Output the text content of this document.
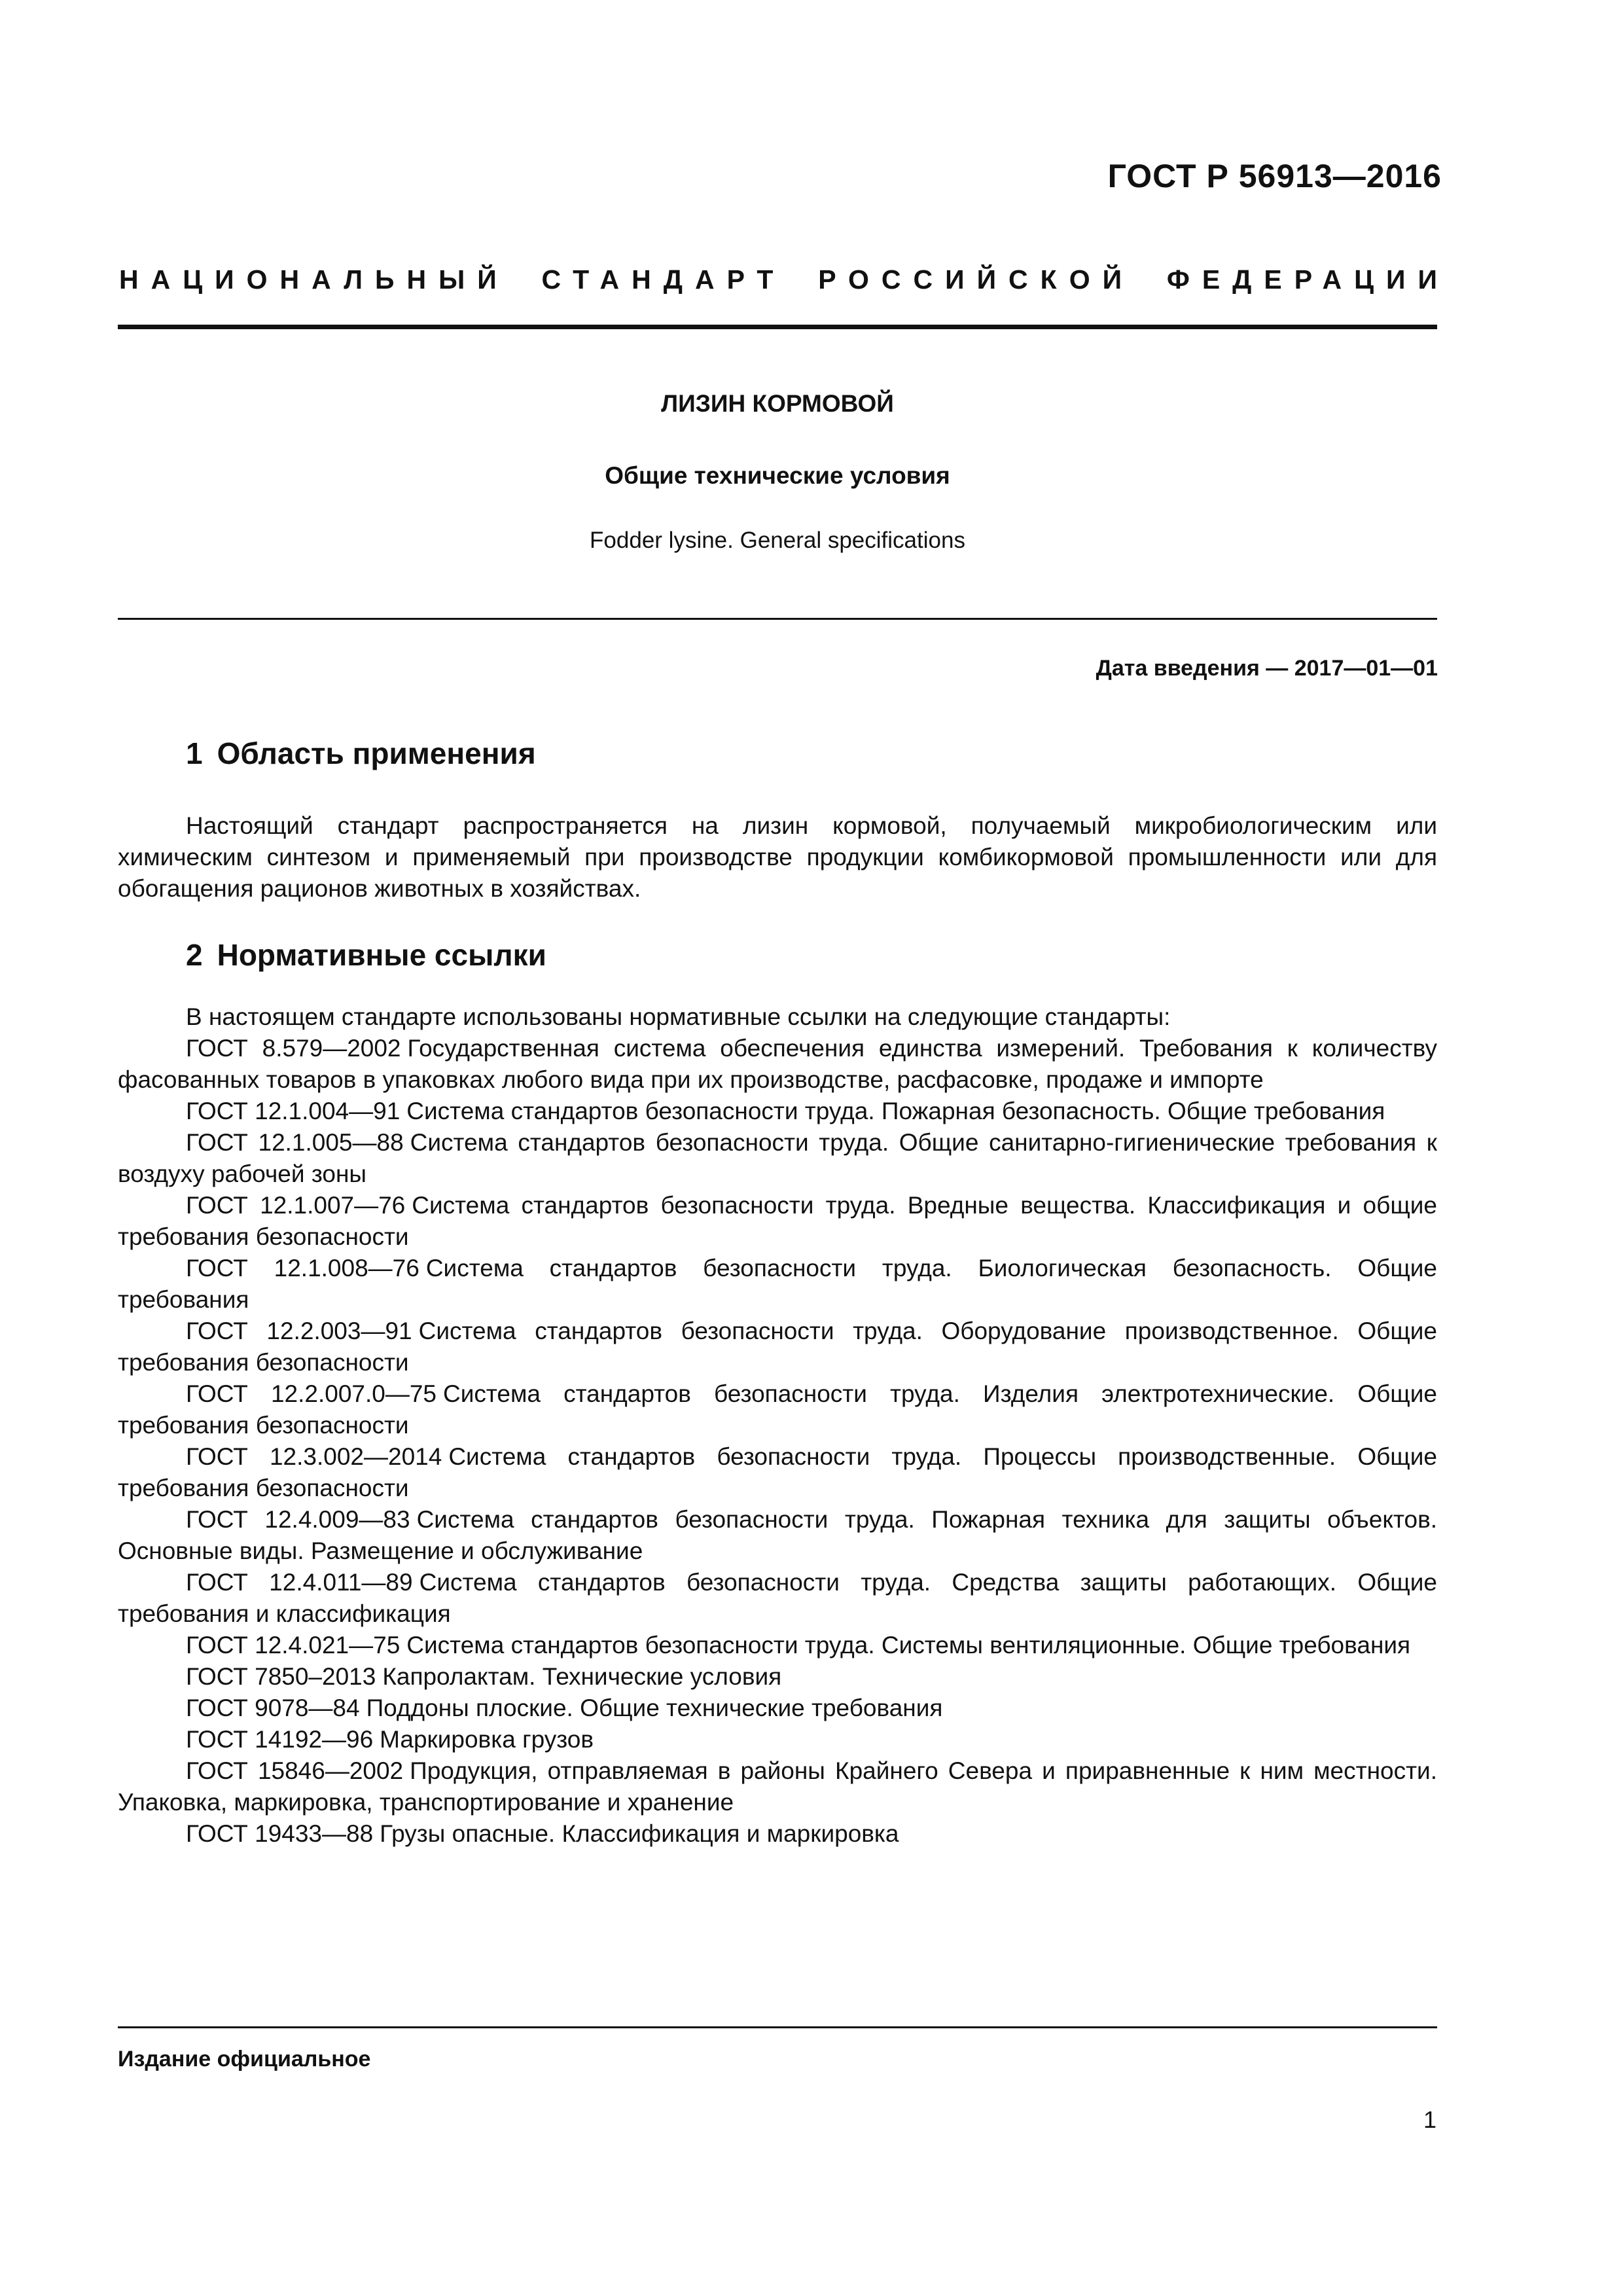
ГОСТ Р 56913—2016
НАЦИОНАЛЬНЫЙ СТАНДАРТ РОССИЙСКОЙ ФЕДЕРАЦИИ
ЛИЗИН КОРМОВОЙ
Общие технические условия
Fodder lysine. General specifications
Дата введения — 2017—01—01
1 Область применения

Настоящий стандарт распространяется на лизин кормовой, получаемый микробиологическим или химическим синтезом и применяемый при производстве продукции комбикормовой промышленности или для обогащения рационов животных в хозяйствах.

2 Нормативные ссылки

В настоящем стандарте использованы нормативные ссылки на следующие стандарты:

ГОСТ 8.579—2002 Государственная система обеспечения единства измерений. Требования к количеству фасованных товаров в упаковках любого вида при их производстве, расфасовке, продаже и импорте

ГОСТ 12.1.004—91 Система стандартов безопасности труда. Пожарная безопасность. Общие требования

ГОСТ 12.1.005—88 Система стандартов безопасности труда. Общие санитарно-гигиенические требования к воздуху рабочей зоны

ГОСТ 12.1.007—76 Система стандартов безопасности труда. Вредные вещества. Классификация и общие требования безопасности

ГОСТ 12.1.008—76 Система стандартов безопасности труда. Биологическая безопасность. Общие требования

ГОСТ 12.2.003—91 Система стандартов безопасности труда. Оборудование производственное. Общие требования безопасности

ГОСТ 12.2.007.0—75 Система стандартов безопасности труда. Изделия электротехнические. Общие требования безопасности

ГОСТ 12.3.002—2014 Система стандартов безопасности труда. Процессы производственные. Общие требования безопасности

ГОСТ 12.4.009—83 Система стандартов безопасности труда. Пожарная техника для защиты объектов. Основные виды. Размещение и обслуживание

ГОСТ 12.4.011—89 Система стандартов безопасности труда. Средства защиты работающих. Общие требования и классификация

ГОСТ 12.4.021—75 Система стандартов безопасности труда. Системы вентиляционные. Общие требования

ГОСТ 7850–2013 Капролактам. Технические условия

ГОСТ 9078—84 Поддоны плоские. Общие технические требования

ГОСТ 14192—96 Маркировка грузов

ГОСТ 15846—2002 Продукция, отправляемая в районы Крайнего Севера и приравненные к ним местности. Упаковка, маркировка, транспортирование и хранение

ГОСТ 19433—88 Грузы опасные. Классификация и маркировка

Издание официальное
1
